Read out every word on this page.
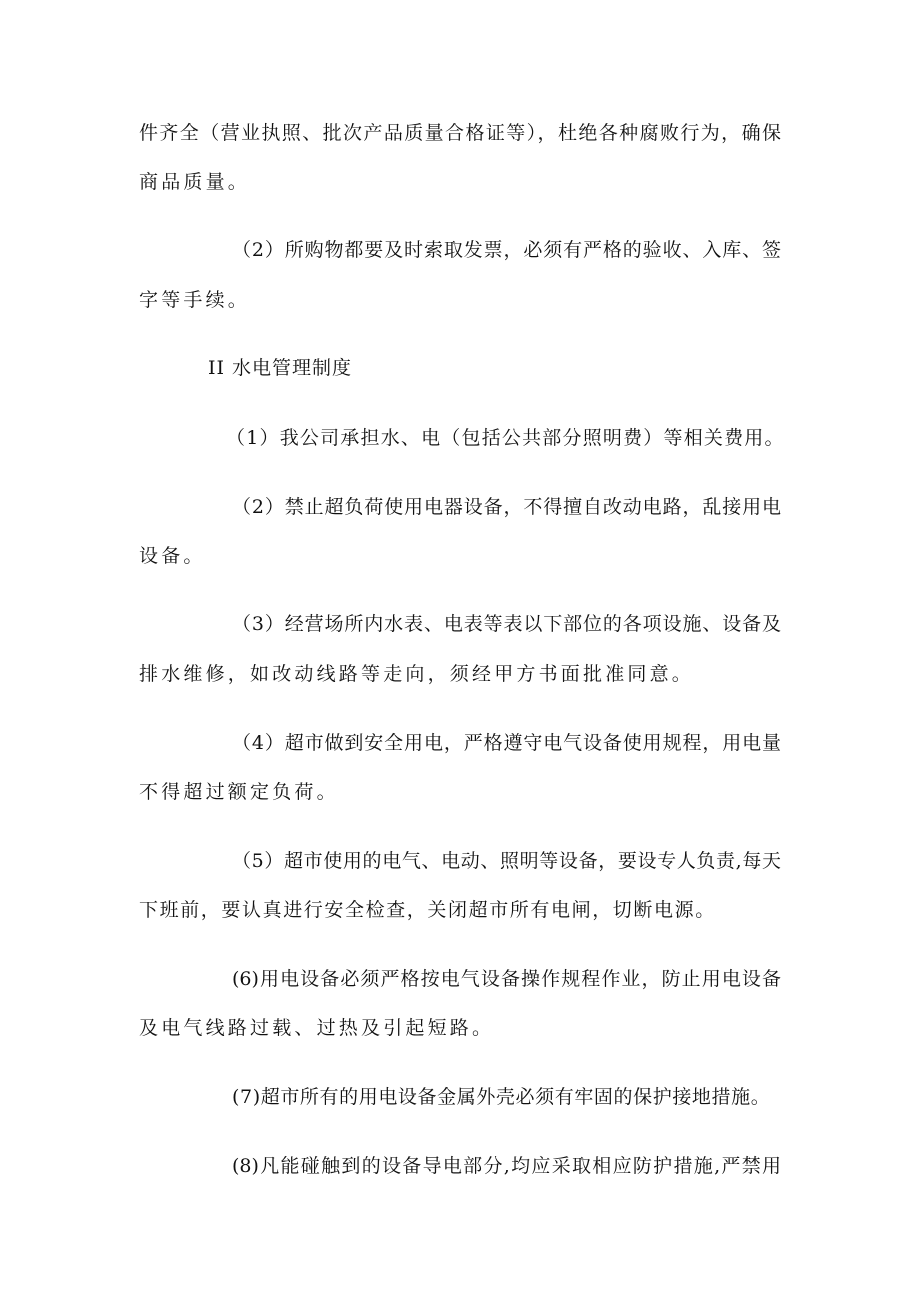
件齐全（营业执照、批次产品质量合格证等），杜绝各种腐败行为，确保
商品质量。
（2）所购物都要及时索取发票，必须有严格的验收、入库、签
字等手续。
II 水电管理制度
（1）我公司承担水、电（包括公共部分照明费）等相关费用。
（2）禁止超负荷使用电器设备，不得擅自改动电路，乱接用电
设备。
（3）经营场所内水表、电表等表以下部位的各项设施、设备及
排水维修，如改动线路等走向，须经甲方书面批准同意。
（4）超市做到安全用电，严格遵守电气设备使用规程，用电量
不得超过额定负荷。
（5）超市使用的电气、电动、照明等设备，要设专人负责,每天
下班前，要认真进行安全检查，关闭超市所有电闸，切断电源。
(6)用电设备必须严格按电气设备操作规程作业，防止用电设备
及电气线路过载、过热及引起短路。
(7)超市所有的用电设备金属外壳必须有牢固的保护接地措施。
(8)凡能碰触到的设备导电部分,均应采取相应防护措施,严禁用
